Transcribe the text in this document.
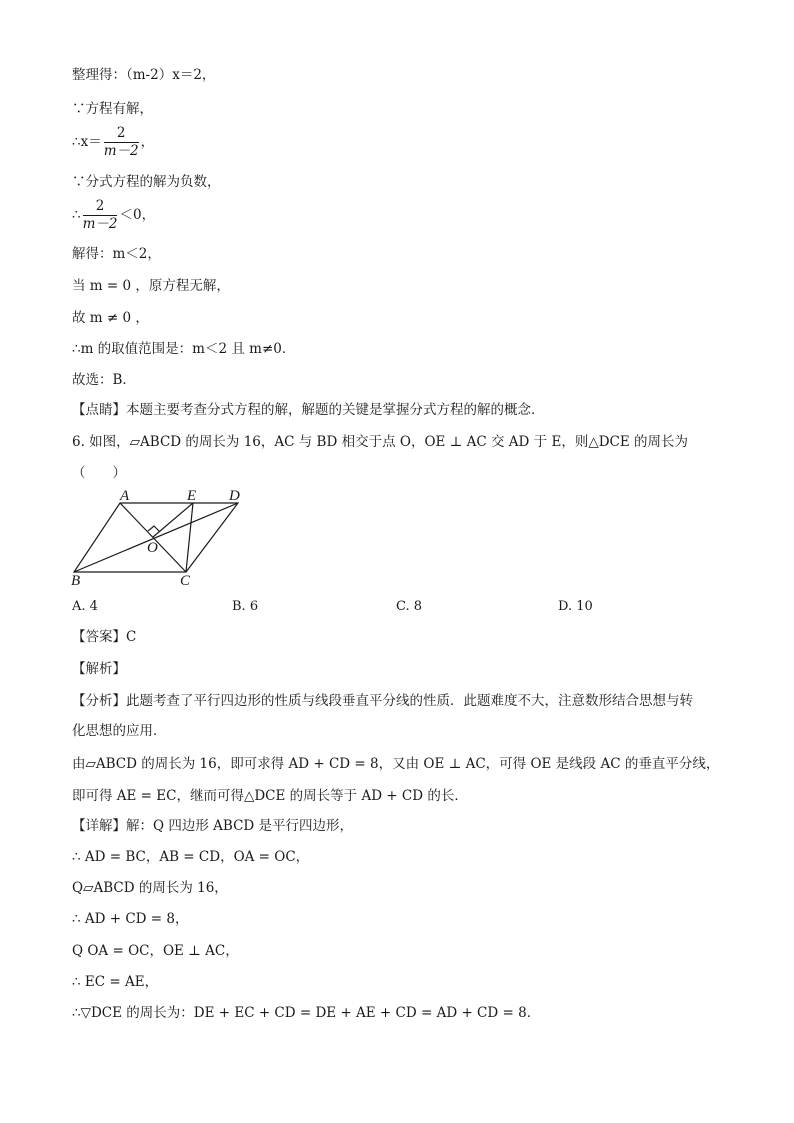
整理得：（m-2）x＝2，
∵方程有解，
∴x＝ $\frac{2}{m-2}$ ，
∵分式方程的解为负数，
∴ $\frac{2}{m-2} <0$，
解得：m＜2，
当 m = 0 ，原方程无解，
故 m ≠ 0 ，
∴m 的取值范围是：m＜2 且 m≠0．
故选：B．
【点睛】本题主要考查分式方程的解，解题的关键是掌握分式方程的解的概念．
6. 如图，▱ABCD 的周长为 16，AC 与 BD 相交于点 O，OE ⊥ AC 交 AD 于 E，则△DCE 的周长为
（　　）
A	E D
O
B	C
A. 4	B. 6	C. 8	D. 10
【答案】C
【解析】
【分析】此题考查了平行四边形的性质与线段垂直平分线的性质．此题难度不大，注意数形结合思想与转
化思想的应用．
由▱ABCD 的周长为 16，即可求得 AD + CD = 8，又由 OE ⊥ AC，可得 OE 是线段 AC 的垂直平分线，
即可得 AE = EC，继而可得△DCE 的周长等于 AD + CD 的长．
【详解】解：Q 四边形 ABCD 是平行四边形，
∴ AD = BC，AB = CD，OA = OC，
Q▱ABCD 的周长为 16，
∴ AD + CD = 8，
Q OA = OC，OE ⊥ AC，
∴ EC = AE，
∴▽DCE 的周长为：DE + EC + CD = DE + AE + CD = AD + CD = 8．
